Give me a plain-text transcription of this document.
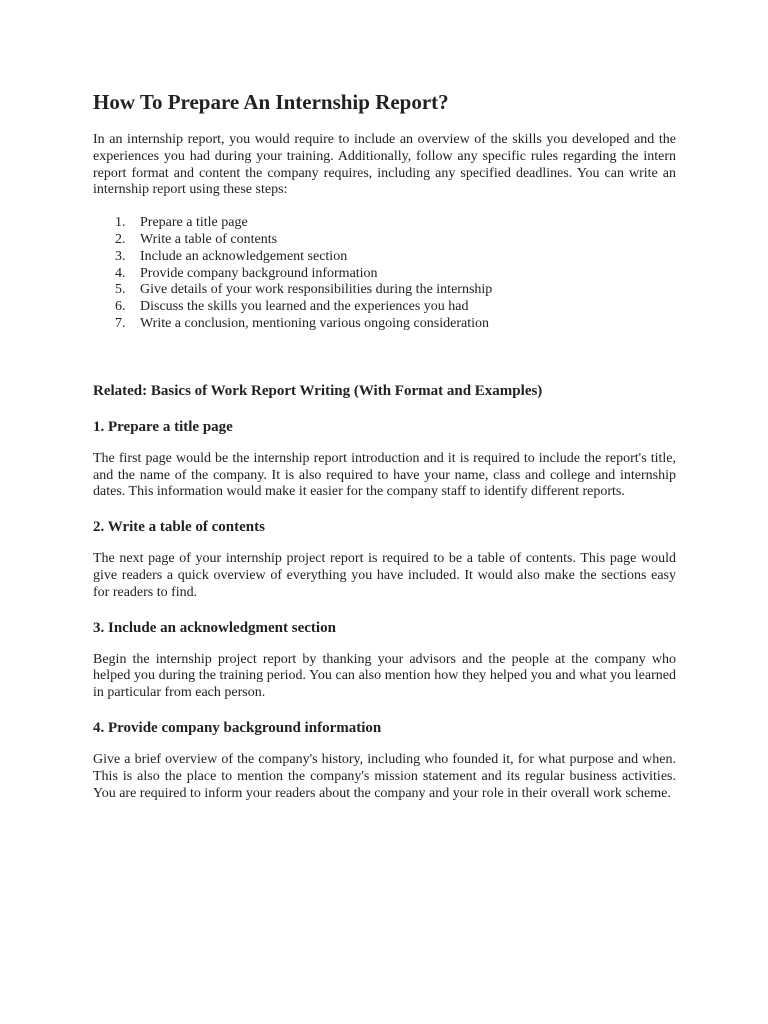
How To Prepare An Internship Report?

In an internship report, you would require to include an overview of the skills you developed and the experiences you had during your training. Additionally, follow any specific rules regarding the intern report format and content the company requires, including any specified deadlines. You can write an internship report using these steps:

1.	Prepare a title page
2.	Write a table of contents
3.	Include an acknowledgement section
4.	Provide company background information
5.	Give details of your work responsibilities during the internship
6.	Discuss the skills you learned and the experiences you had
7.	Write a conclusion, mentioning various ongoing consideration
Related: Basics of Work Report Writing (With Format and Examples)
1. Prepare a title page

The first page would be the internship report introduction and it is required to include the report's title, and the name of the company. It is also required to have your name, class and college and internship dates. This information would make it easier for the company staff to identify different reports.

2. Write a table of contents

The next page of your internship project report is required to be a table of contents. This page would give readers a quick overview of everything you have included. It would also make the sections easy for readers to find.

3. Include an acknowledgment section

Begin the internship project report by thanking your advisors and the people at the company who helped you during the training period. You can also mention how they helped you and what you learned in particular from each person.

4. Provide company background information

Give a brief overview of the company's history, including who founded it, for what purpose and when. This is also the place to mention the company's mission statement and its regular business activities. You are required to inform your readers about the company and your role in their overall work scheme.
